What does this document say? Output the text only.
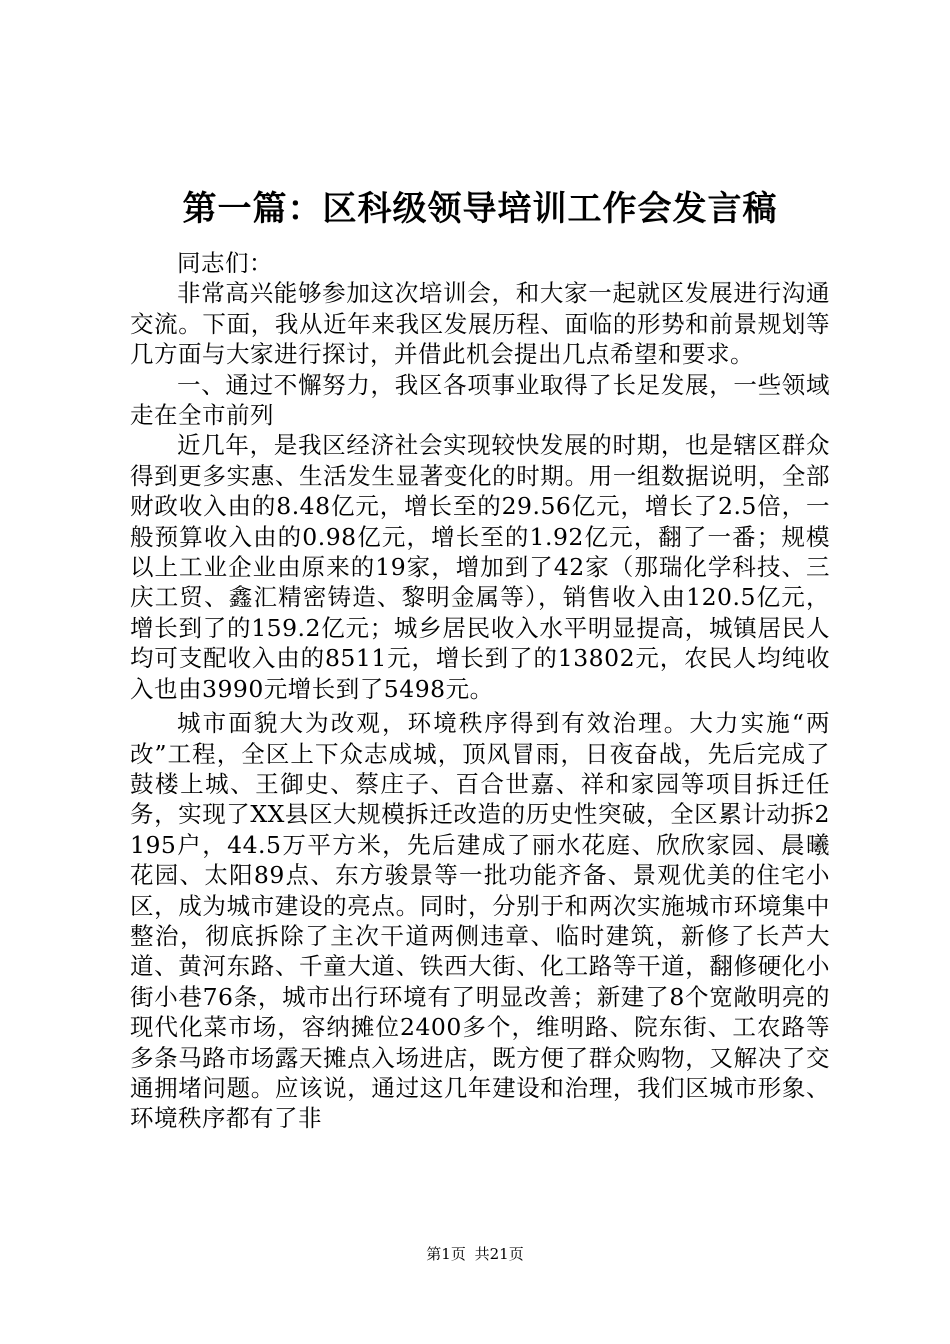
第一篇：区科级领导培训工作会发言稿

同志们：

非常高兴能够参加这次培训会，和大家一起就区发展进行沟通交流。下面，我从近年来我区发展历程、面临的形势和前景规划等几方面与大家进行探讨，并借此机会提出几点希望和要求。

一、通过不懈努力，我区各项事业取得了长足发展，一些领域走在全市前列

近几年，是我区经济社会实现较快发展的时期，也是辖区群众得到更多实惠、生活发生显著变化的时期。用一组数据说明，全部财政收入由的8.48亿元，增长至的29.56亿元，增长了2.5倍，一般预算收入由的0.98亿元，增长至的1.92亿元，翻了一番；规模以上工业企业由原来的19家，增加到了42家（那瑞化学科技、三庆工贸、鑫汇精密铸造、黎明金属等），销售收入由120.5亿元，增长到了的159.2亿元；城乡居民收入水平明显提高，城镇居民人均可支配收入由的8511元，增长到了的13802元，农民人均纯收入也由3990元增长到了5498元。

城市面貌大为改观，环境秩序得到有效治理。大力实施“两改”工程，全区上下众志成城，顶风冒雨，日夜奋战，先后完成了鼓楼上城、王御史、蔡庄子、百合世嘉、祥和家园等项目拆迁任务，实现了XX县区大规模拆迁改造的历史性突破，全区累计动拆2195户，44.5万平方米，先后建成了丽水花庭、欣欣家园、晨曦花园、太阳89点、东方骏景等一批功能齐备、景观优美的住宅小区，成为城市建设的亮点。同时，分别于和两次实施城市环境集中整治，彻底拆除了主次干道两侧违章、临时建筑，新修了长芦大道、黄河东路、千童大道、铁西大街、化工路等干道，翻修硬化小街小巷76条，城市出行环境有了明显改善；新建了8个宽敞明亮的现代化菜市场，容纳摊位2400多个，维明路、院东街、工农路等多条马路市场露天摊点入场进店，既方便了群众购物，又解决了交通拥堵问题。应该说，通过这几年建设和治理，我们区城市形象、环境秩序都有了非

第1页 共21页
